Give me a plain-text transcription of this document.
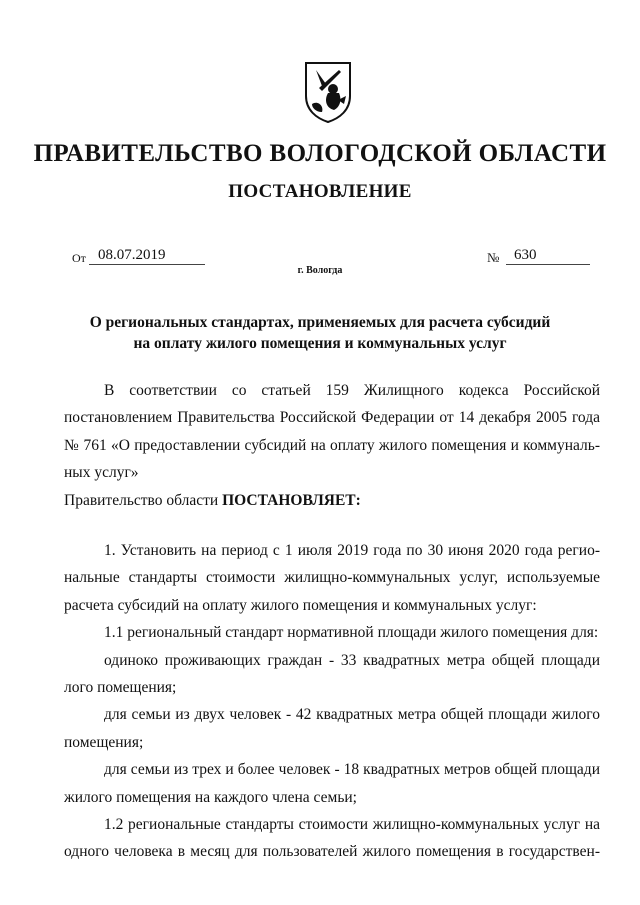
ПРАВИТЕЛЬСТВО ВОЛОГОДСКОЙ ОБЛАСТИ
ПОСТАНОВЛЕНИЕ
От 08.07.2019	№ 630
г. Вологда
О региональных стандартах, применяемых для расчета субсидий
на оплату жилого помещения и коммунальных услуг
В соответствии со статьей 159 Жилищного кодекса Российской
постановлением Правительства Российской Федерации от 14 декабря 2005 года
№ 761 «О предоставлении субсидий на оплату жилого помещения и коммуналь-
ных услуг»
Правительство области ПОСТАНОВЛЯЕТ:
1. Установить на период с 1 июля 2019 года по 30 июня 2020 года регио-
нальные стандарты стоимости жилищно-коммунальных услуг, используемые
расчета субсидий на оплату жилого помещения и коммунальных услуг:
1.1 региональный стандарт нормативной площади жилого помещения для:
одиноко проживающих граждан - 33 квадратных метра общей площади
лого помещения;
для семьи из двух человек - 42 квадратных метра общей площади жилого
помещения;
для семьи из трех и более человек - 18 квадратных метров общей площади
жилого помещения на каждого члена семьи;
1.2 региональные стандарты стоимости жилищно-коммунальных услуг на
одного человека в месяц для пользователей жилого помещения в государствен-
